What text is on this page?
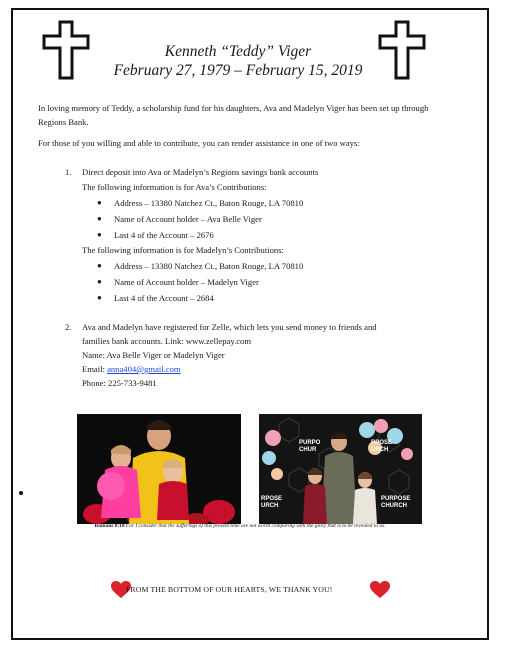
Kenneth “Teddy” Viger
February 27, 1979 – February 15, 2019
In loving memory of Teddy, a scholarship fund for his daughters, Ava and Madelyn Viger has been set up through Regions Bank.
For those of you willing and able to contribute, you can render assistance in one of two ways:
1. Direct deposit into Ava or Madelyn’s Regions savings bank accounts
The following information is for Ava’s Contributions:
● Address – 13380 Natchez Ct., Baton Rouge, LA 70810
● Name of Account holder – Ava Belle Viger
● Last 4 of the Account – 2676
The following information is for Madelyn’s Contributions:
● Address – 13380 Natchez Ct., Baton Rouge, LA 70810
● Name of Account holder – Madelyn Viger
● Last 4 of the Account – 2684
2. Ava and Madelyn have registered for Zelle, which lets you send money to friends and
families bank accounts. Link: www.zellepay.com
Name: Ava Belle Viger or Madelyn Viger
Email: anna404@gmail.com
Phone: 225-733-9481
PURPO
CHUR
RPOSE
URCH
RPOSE
URCH
PURPOSE
CHURCH
Romans 8:18 For I consider that the sufferings of this present time are not worth comparing with the glory that is to be revealed to us.
FROM THE BOTTOM OF OUR HEARTS, WE THANK YOU!
